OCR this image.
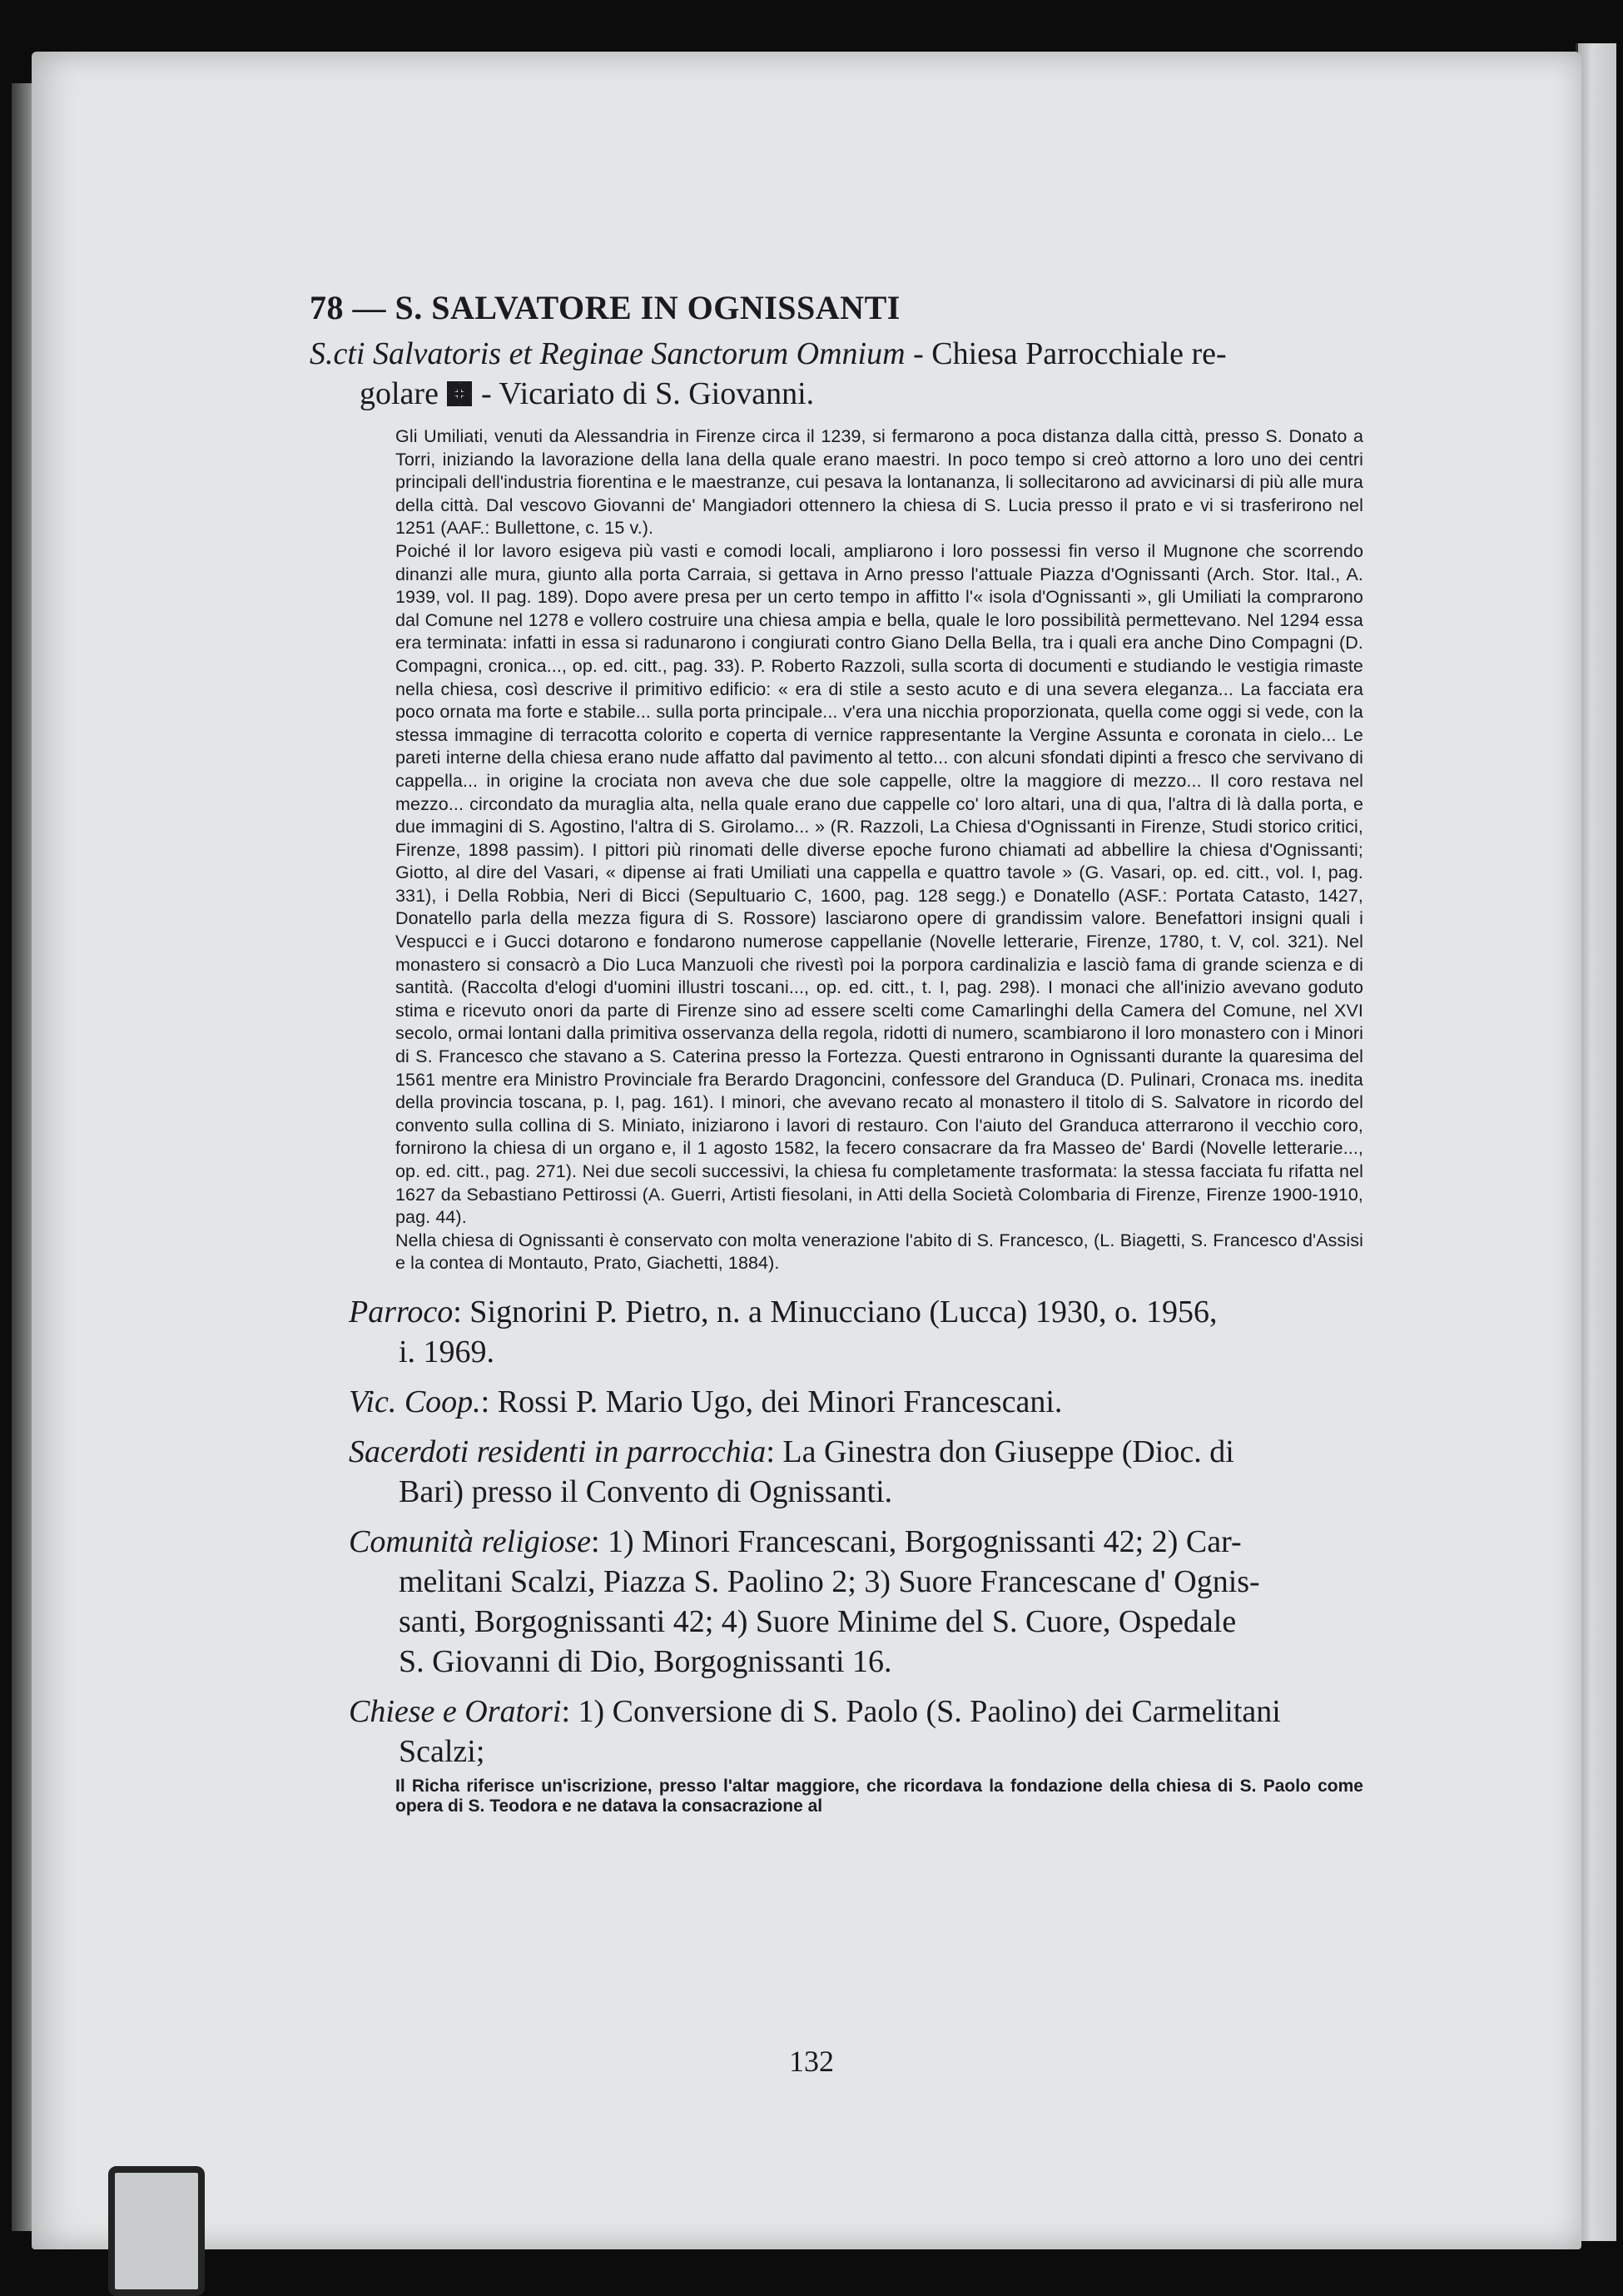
78 — S. SALVATORE IN OGNISSANTI

S.cti Salvatoris et Reginae Sanctorum Omnium - Chiesa Parrocchiale re-
golare  - Vicariato di S. Giovanni.

Gli Umiliati, venuti da Alessandria in Firenze circa il 1239, si fermarono a poca distanza dalla città, presso S. Donato a Torri, iniziando la lavorazione della lana della quale erano maestri. In poco tempo si creò attorno a loro uno dei centri principali dell'industria fiorentina e le maestranze, cui pesava la lontananza, li sollecitarono ad avvicinarsi di più alle mura della città. Dal vescovo Giovanni de' Mangiadori ottennero la chiesa di S. Lucia presso il prato e vi si trasferirono nel 1251 (AAF.: Bullettone, c. 15 v.).

Poiché il lor lavoro esigeva più vasti e comodi locali, ampliarono i loro possessi fin verso il Mugnone che scorrendo dinanzi alle mura, giunto alla porta Carraia, si gettava in Arno presso l'attuale Piazza d'Ognissanti (Arch. Stor. Ital., A. 1939, vol. II pag. 189). Dopo avere presa per un certo tempo in affitto l'« isola d'Ognissanti », gli Umiliati la comprarono dal Comune nel 1278 e vollero costruire una chiesa ampia e bella, quale le loro possibilità permettevano. Nel 1294 essa era terminata: infatti in essa si radunarono i congiurati contro Giano Della Bella, tra i quali era anche Dino Compagni (D. Compagni, cronica..., op. ed. citt., pag. 33). P. Roberto Razzoli, sulla scorta di documenti e studiando le vestigia rimaste nella chiesa, così descrive il primitivo edificio: « era di stile a sesto acuto e di una severa eleganza... La facciata era poco ornata ma forte e stabile... sulla porta principale... v'era una nicchia proporzionata, quella come oggi si vede, con la stessa immagine di terracotta colorito e coperta di vernice rappresentante la Vergine Assunta e coronata in cielo... Le pareti interne della chiesa erano nude affatto dal pavimento al tetto... con alcuni sfondati dipinti a fresco che servivano di cappella... in origine la crociata non aveva che due sole cappelle, oltre la maggiore di mezzo... Il coro restava nel mezzo... circondato da muraglia alta, nella quale erano due cappelle co' loro altari, una di qua, l'altra di là dalla porta, e due immagini di S. Agostino, l'altra di S. Girolamo... » (R. Razzoli, La Chiesa d'Ognissanti in Firenze, Studi storico critici, Firenze, 1898 passim). I pittori più rinomati delle diverse epoche furono chiamati ad abbellire la chiesa d'Ognissanti; Giotto, al dire del Vasari, « dipense ai frati Umiliati una cappella e quattro tavole » (G. Vasari, op. ed. citt., vol. I, pag. 331), i Della Robbia, Neri di Bicci (Sepultuario C, 1600, pag. 128 segg.) e Donatello (ASF.: Portata Catasto, 1427, Donatello parla della mezza figura di S. Rossore) lasciarono opere di grandissim valore. Benefattori insigni quali i Vespucci e i Gucci dotarono e fondarono numerose cappellanie (Novelle letterarie, Firenze, 1780, t. V, col. 321). Nel monastero si consacrò a Dio Luca Manzuoli che rivestì poi la porpora cardinalizia e lasciò fama di grande scienza e di santità. (Raccolta d'elogi d'uomini illustri toscani..., op. ed. citt., t. I, pag. 298). I monaci che all'inizio avevano goduto stima e ricevuto onori da parte di Firenze sino ad essere scelti come Camarlinghi della Camera del Comune, nel XVI secolo, ormai lontani dalla primitiva osservanza della regola, ridotti di numero, scambiarono il loro monastero con i Minori di S. Francesco che stavano a S. Caterina presso la Fortezza. Questi entrarono in Ognissanti durante la quaresima del 1561 mentre era Ministro Provinciale fra Berardo Dragoncini, confessore del Granduca (D. Pulinari, Cronaca ms. inedita della provincia toscana, p. I, pag. 161). I minori, che avevano recato al monastero il titolo di S. Salvatore in ricordo del convento sulla collina di S. Miniato, iniziarono i lavori di restauro. Con l'aiuto del Granduca atterrarono il vecchio coro, fornirono la chiesa di un organo e, il 1 agosto 1582, la fecero consacrare da fra Masseo de' Bardi (Novelle letterarie..., op. ed. citt., pag. 271). Nei due secoli successivi, la chiesa fu completamente trasformata: la stessa facciata fu rifatta nel 1627 da Sebastiano Pettirossi (A. Guerri, Artisti fiesolani, in Atti della Società Colombaria di Firenze, Firenze 1900-1910, pag. 44).

Nella chiesa di Ognissanti è conservato con molta venerazione l'abito di S. Francesco, (L. Biagetti, S. Francesco d'Assisi e la contea di Montauto, Prato, Giachetti, 1884).

Parroco: Signorini P. Pietro, n. a Minucciano (Lucca) 1930, o. 1956,
i. 1969.
Vic. Coop.: Rossi P. Mario Ugo, dei Minori Francescani.
Sacerdoti residenti in parrocchia: La Ginestra don Giuseppe (Dioc. di
Bari) presso il Convento di Ognissanti.
Comunità religiose: 1) Minori Francescani, Borgognissanti 42; 2) Car-
melitani Scalzi, Piazza S. Paolino 2; 3) Suore Francescane d' Ognis-
santi, Borgognissanti 42; 4) Suore Minime del S. Cuore, Ospedale
S. Giovanni di Dio, Borgognissanti 16.
Chiese e Oratori: 1) Conversione di S. Paolo (S. Paolino) dei Carmelitani
Scalzi;
Il Richa riferisce un'iscrizione, presso l'altar maggiore, che ricordava la fondazione della chiesa di S. Paolo come opera di S. Teodora e ne datava la consacrazione al
132
